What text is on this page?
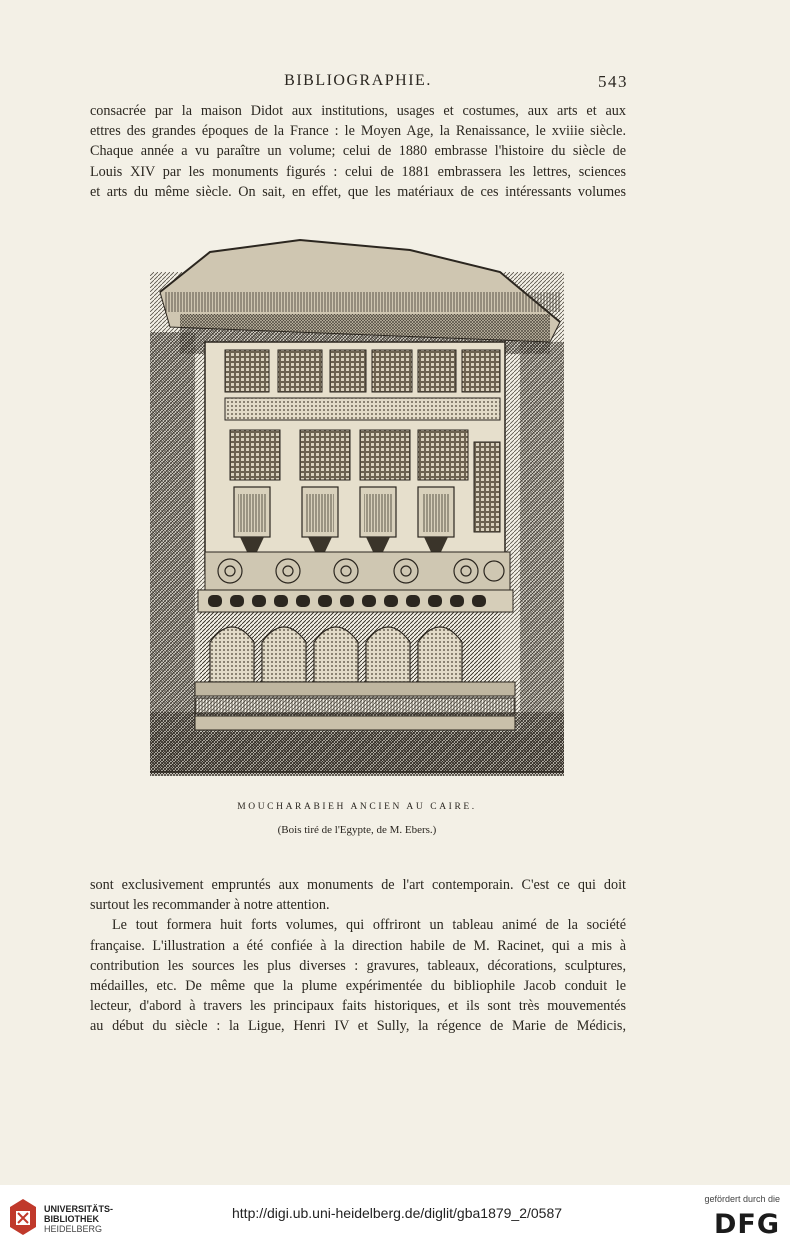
BIBLIOGRAPHIE.	543

consacrée par la maison Didot aux institutions, usages et costumes, aux arts et aux
ettres des grandes époques de la France : le Moyen Age, la Renaissance, le xviiie siècle.
Chaque année a vu paraître un volume; celui de 1880 embrasse l'histoire du siècle de
Louis XIV par les monuments figurés : celui de 1881 embrassera les lettres, sciences
et arts du même siècle. On sait, en effet, que les matériaux de ces intéressants volumes

MOUCHARABIEH ANCIEN AU CAIRE.
(Bois tiré de l'Egypte, de M. Ebers.)

sont exclusivement empruntés aux monuments de l'art contemporain. C'est ce qui doit
surtout les recommander à notre attention.

Le tout formera huit forts volumes, qui offriront un tableau animé de la société
française. L'illustration a été confiée à la direction habile de M. Racinet, qui a mis à
contribution les sources les plus diverses : gravures, tableaux, décorations, sculptures,
médailles, etc. De même que la plume expérimentée du bibliophile Jacob conduit le
lecteur, d'abord à travers les principaux faits historiques, et ils sont très mouvementés
au début du siècle : la Ligue, Henri IV et Sully, la régence de Marie de Médicis,

UNIVERSITÄTS-
BIBLIOTHEK
HEIDELBERG
http://digi.ub.uni-heidelberg.de/diglit/gba1879_2/0587
gefördert durch die
DFG
